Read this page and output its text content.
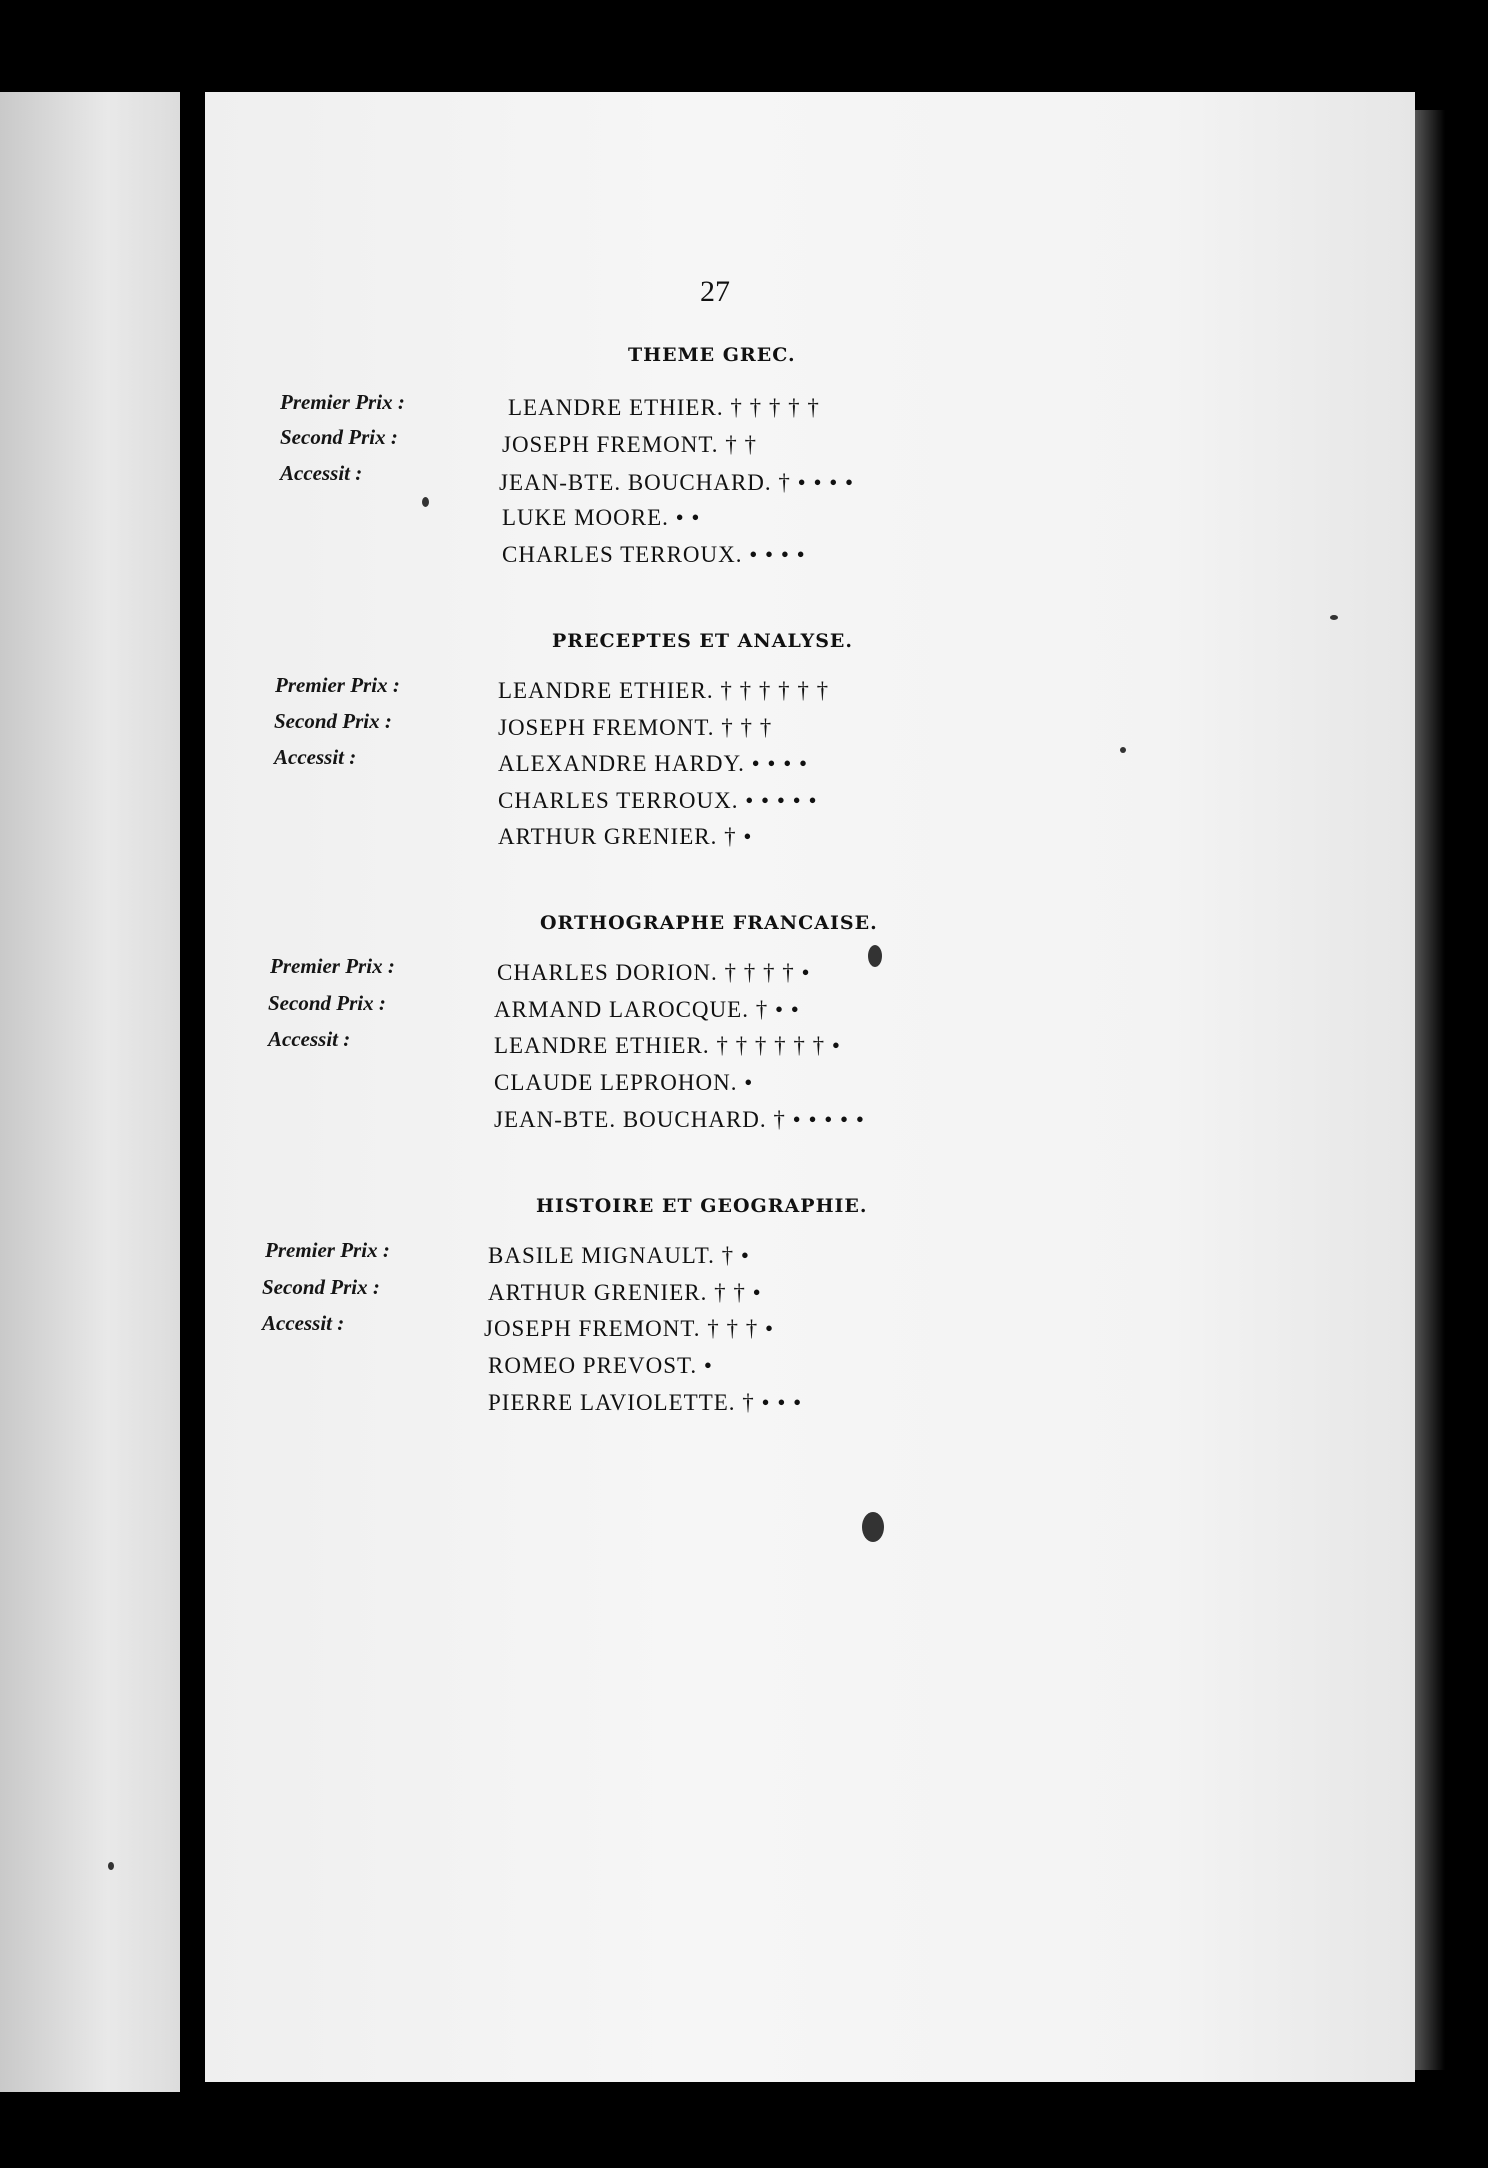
27
THEME GREC.
Premier Prix :
Second Prix :
Accessit :
LEANDRE ETHIER. † † † † †
JOSEPH FREMONT. † †
JEAN-BTE. BOUCHARD. † • • • •
LUKE MOORE. • •
CHARLES TERROUX. • • • •
PRECEPTES ET ANALYSE.
Premier Prix :
Second Prix :
Accessit :
LEANDRE ETHIER. † † † † † †
JOSEPH FREMONT. † † †
ALEXANDRE HARDY. • • • •
CHARLES TERROUX. • • • • •
ARTHUR GRENIER. † •
ORTHOGRAPHE FRANCAISE.
Premier Prix :
Second Prix :
Accessit :
CHARLES DORION. † † † † •
ARMAND LAROCQUE. † • •
LEANDRE ETHIER. † † † † † † •
CLAUDE LEPROHON. •
JEAN-BTE. BOUCHARD. † • • • • •
HISTOIRE ET GEOGRAPHIE.
Premier Prix :
Second Prix :
Accessit :
BASILE MIGNAULT. † •
ARTHUR GRENIER. † † •
JOSEPH FREMONT. † † † •
ROMEO PREVOST. •
PIERRE LAVIOLETTE. † • • •
